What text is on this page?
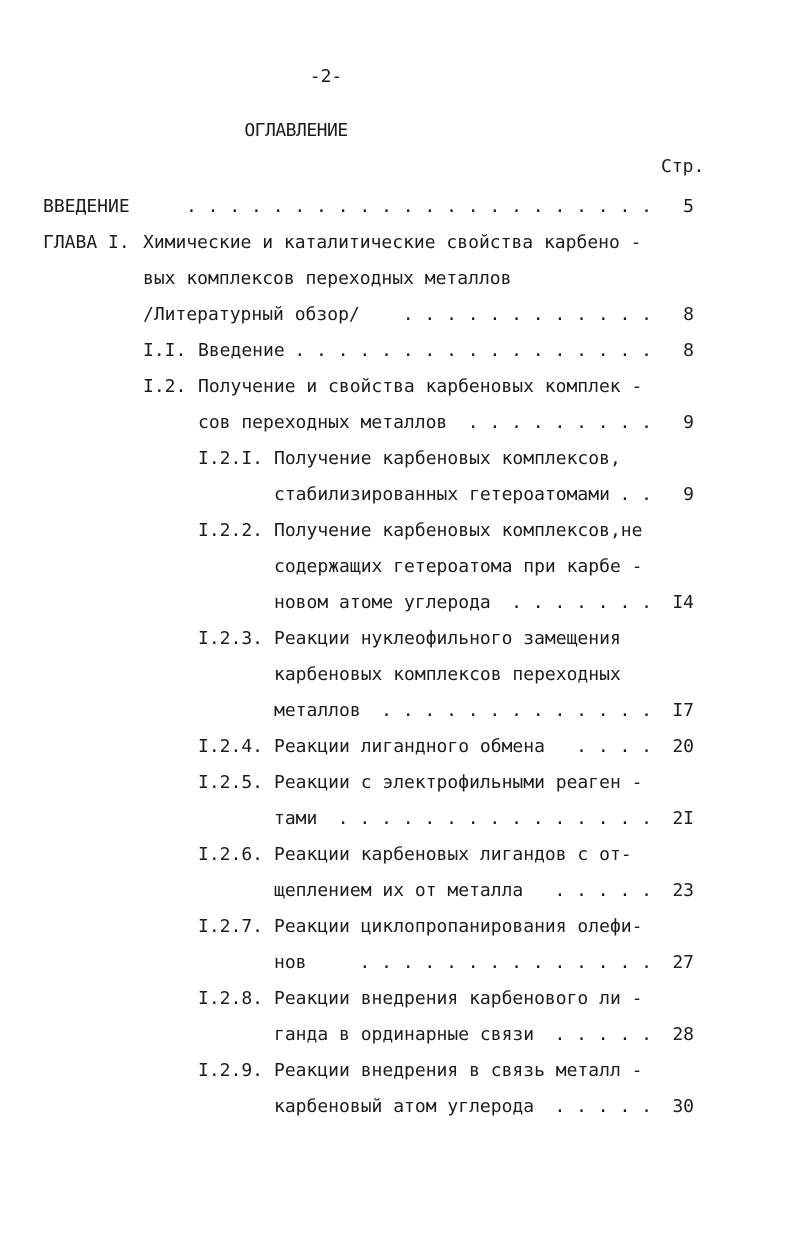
-2-
ОГЛАВЛЕНИЕ
Стр.
ВВЕДЕНИЕ	. . . . . . . . . . . . . . . . . . . . . . 5
ГЛАВА I. Химические и каталитические свойства карбено -
вых комплексов переходных металлов
/Литературный обзор/ . . . . . . . . . . . . 8
I.I. Введение . . . . . . . . . . . . . . . . . 8
I.2. Получение и свойства карбеновых комплек -
сов переходных металлов . . . . . . . . . 9
I.2.I. Получение карбеновых комплексов,
стабилизированных гетероатомами . . 9
I.2.2. Получение карбеновых комплексов,не
содержащих гетероатома при карбе -
новом атоме углерода . . . . . . . I4
I.2.3. Реакции нуклеофильного замещения
карбеновых комплексов переходных
металлов . . . . . . . . . . . . . I7
I.2.4. Реакции лигандного обмена . . . . 20
I.2.5. Реакции с электрофильными реаген -
тами . . . . . . . . . . . . . . . 2I
I.2.6. Реакции карбеновых лигандов с от-
щеплением их от металла . . . . . 23
I.2.7. Реакции циклопропанирования олефи-
нов	. . . . . . . . . . . . . . 27
I.2.8. Реакции внедрения карбенового ли -
ганда в ординарные связи . . . . . 28
I.2.9. Реакции внедрения в связь металл -
карбеновый атом углерода . . . . . 30
